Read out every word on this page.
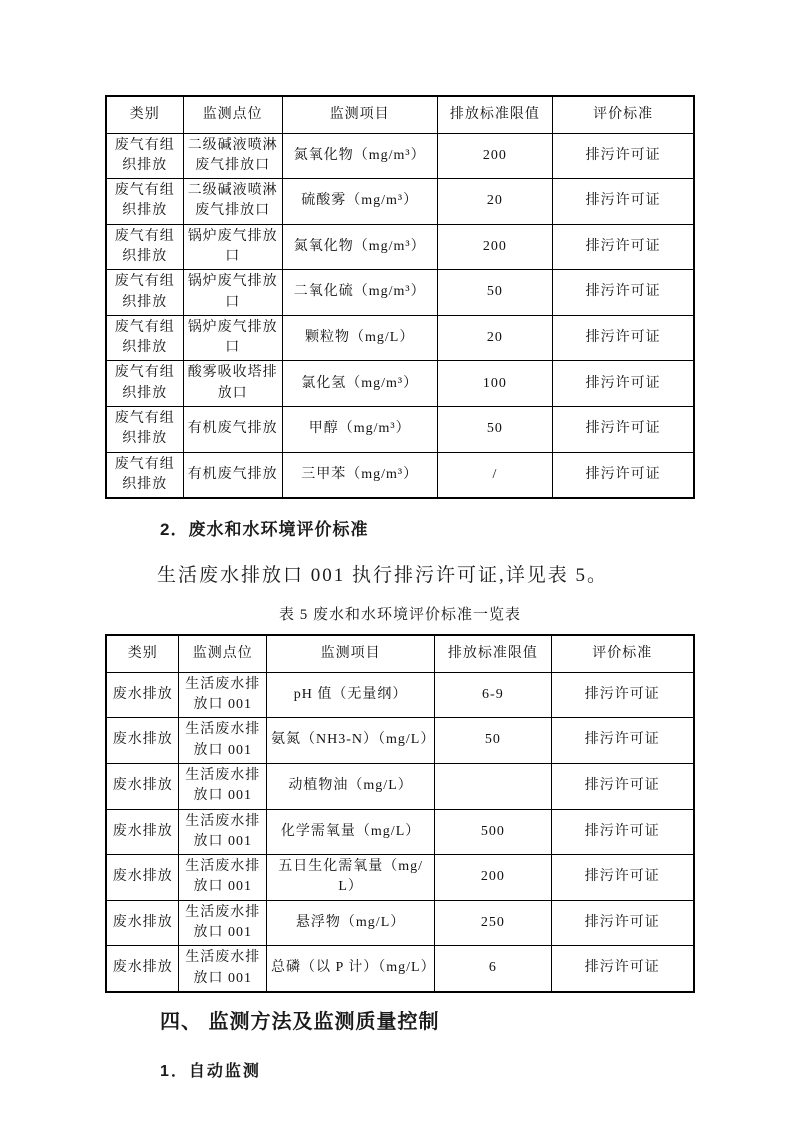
类别	监测点位	监测项目	排放标准限值	评价标准
废气有组织排放	二级碱液喷淋废气排放口	氮氧化物（mg/m³）	200	排污许可证
废气有组织排放	二级碱液喷淋废气排放口	硫酸雾（mg/m³）	20	排污许可证
废气有组织排放	锅炉废气排放口	氮氧化物（mg/m³）	200	排污许可证
废气有组织排放	锅炉废气排放口	二氧化硫（mg/m³）	50	排污许可证
废气有组织排放	锅炉废气排放口	颗粒物（mg/L）	20	排污许可证
废气有组织排放	酸雾吸收塔排放口	氯化氢（mg/m³）	100	排污许可证
废气有组织排放	有机废气排放	甲醇（mg/m³）	50	排污许可证
废气有组织排放	有机废气排放	三甲苯（mg/m³）	/	排污许可证
2．废水和水环境评价标准
生活废水排放口 001 执行排污许可证,详见表 5。
表 5 废水和水环境评价标准一览表
类别	监测点位	监测项目	排放标准限值	评价标准
废水排放	生活废水排放口 001	pH 值（无量纲）	6-9	排污许可证
废水排放	生活废水排放口 001	氨氮（NH3-N）（mg/L）	50	排污许可证
废水排放	生活废水排放口 001	动植物油（mg/L）		排污许可证
废水排放	生活废水排放口 001	化学需氧量（mg/L）	500	排污许可证
废水排放	生活废水排放口 001	五日生化需氧量（mg/L）	200	排污许可证
废水排放	生活废水排放口 001	悬浮物（mg/L）	250	排污许可证
废水排放	生活废水排放口 001	总磷（以 P 计）（mg/L）	6	排污许可证
四、 监测方法及监测质量控制
1．自动监测
